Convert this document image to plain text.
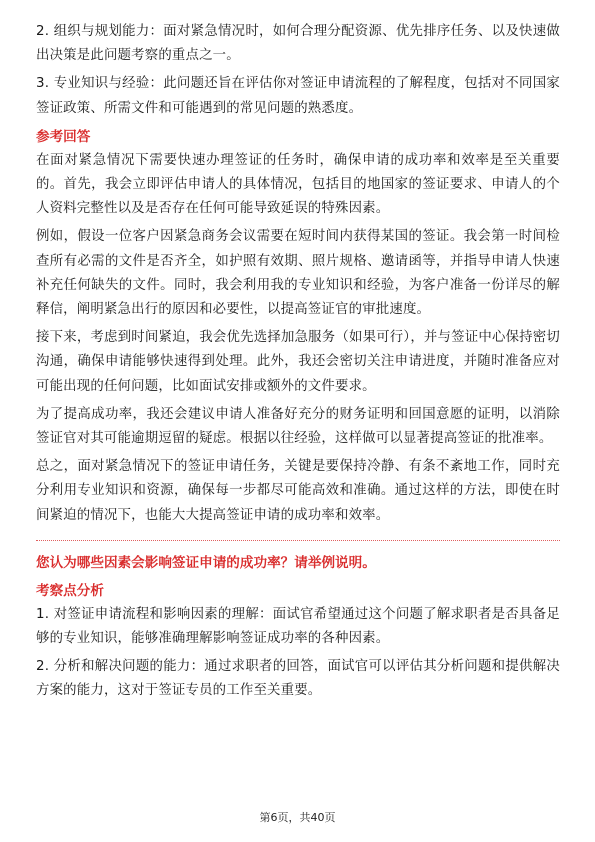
2. 组织与规划能力：面对紧急情况时，如何合理分配资源、优先排序任务、以及快速做出决策是此问题考察的重点之一。

3. 专业知识与经验：此问题还旨在评估你对签证申请流程的了解程度，包括对不同国家签证政策、所需文件和可能遇到的常见问题的熟悉度。

参考回答

在面对紧急情况下需要快速办理签证的任务时，确保申请的成功率和效率是至关重要的。首先，我会立即评估申请人的具体情况，包括目的地国家的签证要求、申请人的个人资料完整性以及是否存在任何可能导致延误的特殊因素。

例如，假设一位客户因紧急商务会议需要在短时间内获得某国的签证。我会第一时间检查所有必需的文件是否齐全，如护照有效期、照片规格、邀请函等，并指导申请人快速补充任何缺失的文件。同时，我会利用我的专业知识和经验，为客户准备一份详尽的解释信，阐明紧急出行的原因和必要性，以提高签证官的审批速度。

接下来，考虑到时间紧迫，我会优先选择加急服务（如果可行），并与签证中心保持密切沟通，确保申请能够快速得到处理。此外，我还会密切关注申请进度，并随时准备应对可能出现的任何问题，比如面试安排或额外的文件要求。

为了提高成功率，我还会建议申请人准备好充分的财务证明和回国意愿的证明，以消除签证官对其可能逾期逗留的疑虑。根据以往经验，这样做可以显著提高签证的批准率。

总之，面对紧急情况下的签证申请任务，关键是要保持冷静、有条不紊地工作，同时充分利用专业知识和资源，确保每一步都尽可能高效和准确。通过这样的方法，即使在时间紧迫的情况下，也能大大提高签证申请的成功率和效率。

您认为哪些因素会影响签证申请的成功率？请举例说明。
考察点分析

1. 对签证申请流程和影响因素的理解：面试官希望通过这个问题了解求职者是否具备足够的专业知识，能够准确理解影响签证成功率的各种因素。

2. 分析和解决问题的能力：通过求职者的回答，面试官可以评估其分析问题和提供解决方案的能力，这对于签证专员的工作至关重要。

第6页，共40页
